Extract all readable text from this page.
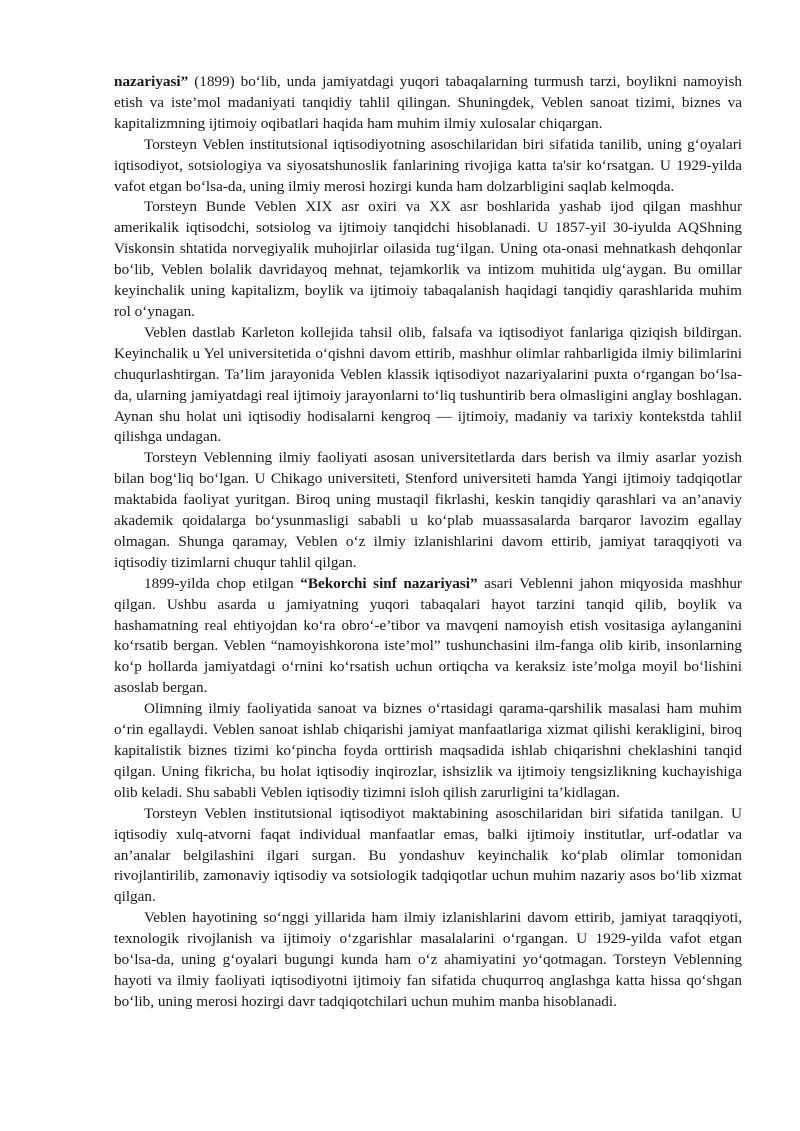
nazariyasi” (1899) bo‘lib, unda jamiyatdagi yuqori tabaqalarning turmush tarzi, boylikni namoyish etish va iste’mol madaniyati tanqidiy tahlil qilingan. Shuningdek, Veblen sanoat tizimi, biznes va kapitalizmning ijtimoiy oqibatlari haqida ham muhim ilmiy xulosalar chiqargan.

Torsteyn Veblen institutsional iqtisodiyotning asoschilaridan biri sifatida tanilib, uning g‘oyalari iqtisodiyot, sotsiologiya va siyosatshunoslik fanlarining rivojiga katta ta'sir ko‘rsatgan. U 1929-yilda vafot etgan bo‘lsa-da, uning ilmiy merosi hozirgi kunda ham dolzarbligini saqlab kelmoqda.

Torsteyn Bunde Veblen XIX asr oxiri va XX asr boshlarida yashab ijod qilgan mashhur amerikalik iqtisodchi, sotsiolog va ijtimoiy tanqidchi hisoblanadi. U 1857-yil 30-iyulda AQShning Viskonsin shtatida norvegiyalik muhojirlar oilasida tug‘ilgan. Uning ota-onasi mehnatkash dehqonlar bo‘lib, Veblen bolalik davridayoq mehnat, tejamkorlik va intizom muhitida ulg‘aygan. Bu omillar keyinchalik uning kapitalizm, boylik va ijtimoiy tabaqalanish haqidagi tanqidiy qarashlarida muhim rol o‘ynagan.

Veblen dastlab Karleton kollejida tahsil olib, falsafa va iqtisodiyot fanlariga qiziqish bildirgan. Keyinchalik u Yel universitetida o‘qishni davom ettirib, mashhur olimlar rahbarligida ilmiy bilimlarini chuqurlashtirgan. Ta’lim jarayonida Veblen klassik iqtisodiyot nazariyalarini puxta o‘rgangan bo‘lsa-da, ularning jamiyatdagi real ijtimoiy jarayonlarni to‘liq tushuntirib bera olmasligini anglay boshlagan. Aynan shu holat uni iqtisodiy hodisalarni kengroq — ijtimoiy, madaniy va tarixiy kontekstda tahlil qilishga undagan.

Torsteyn Veblenning ilmiy faoliyati asosan universitetlarda dars berish va ilmiy asarlar yozish bilan bog‘liq bo‘lgan. U Chikago universiteti, Stenford universiteti hamda Yangi ijtimoiy tadqiqotlar maktabida faoliyat yuritgan. Biroq uning mustaqil fikrlashi, keskin tanqidiy qarashlari va an’anaviy akademik qoidalarga bo‘ysunmasligi sababli u ko‘plab muassasalarda barqaror lavozim egallay olmagan. Shunga qaramay, Veblen o‘z ilmiy izlanishlarini davom ettirib, jamiyat taraqqiyoti va iqtisodiy tizimlarni chuqur tahlil qilgan.

1899-yilda chop etilgan “Bekorchi sinf nazariyasi” asari Veblenni jahon miqyosida mashhur qilgan. Ushbu asarda u jamiyatning yuqori tabaqalari hayot tarzini tanqid qilib, boylik va hashamatning real ehtiyojdan ko‘ra obro‘-e’tibor va mavqeni namoyish etish vositasiga aylanganini ko‘rsatib bergan. Veblen “namoyishkorona iste’mol” tushunchasini ilm-fanga olib kirib, insonlarning ko‘p hollarda jamiyatdagi o‘rnini ko‘rsatish uchun ortiqcha va keraksiz iste’molga moyil bo‘lishini asoslab bergan.

Olimning ilmiy faoliyatida sanoat va biznes o‘rtasidagi qarama-qarshilik masalasi ham muhim o‘rin egallaydi. Veblen sanoat ishlab chiqarishi jamiyat manfaatlariga xizmat qilishi kerakligini, biroq kapitalistik biznes tizimi ko‘pincha foyda orttirish maqsadida ishlab chiqarishni cheklashini tanqid qilgan. Uning fikricha, bu holat iqtisodiy inqirozlar, ishsizlik va ijtimoiy tengsizlikning kuchayishiga olib keladi. Shu sababli Veblen iqtisodiy tizimni isloh qilish zarurligini ta’kidlagan.

Torsteyn Veblen institutsional iqtisodiyot maktabining asoschilaridan biri sifatida tanilgan. U iqtisodiy xulq-atvorni faqat individual manfaatlar emas, balki ijtimoiy institutlar, urf-odatlar va an’analar belgilashini ilgari surgan. Bu yondashuv keyinchalik ko‘plab olimlar tomonidan rivojlantirilib, zamonaviy iqtisodiy va sotsiologik tadqiqotlar uchun muhim nazariy asos bo‘lib xizmat qilgan.

Veblen hayotining so‘nggi yillarida ham ilmiy izlanishlarini davom ettirib, jamiyat taraqqiyoti, texnologik rivojlanish va ijtimoiy o‘zgarishlar masalalarini o‘rgangan. U 1929-yilda vafot etgan bo‘lsa-da, uning g‘oyalari bugungi kunda ham o‘z ahamiyatini yo‘qotmagan. Torsteyn Veblenning hayoti va ilmiy faoliyati iqtisodiyotni ijtimoiy fan sifatida chuqurroq anglashga katta hissa qo‘shgan bo‘lib, uning merosi hozirgi davr tadqiqotchilari uchun muhim manba hisoblanadi.
